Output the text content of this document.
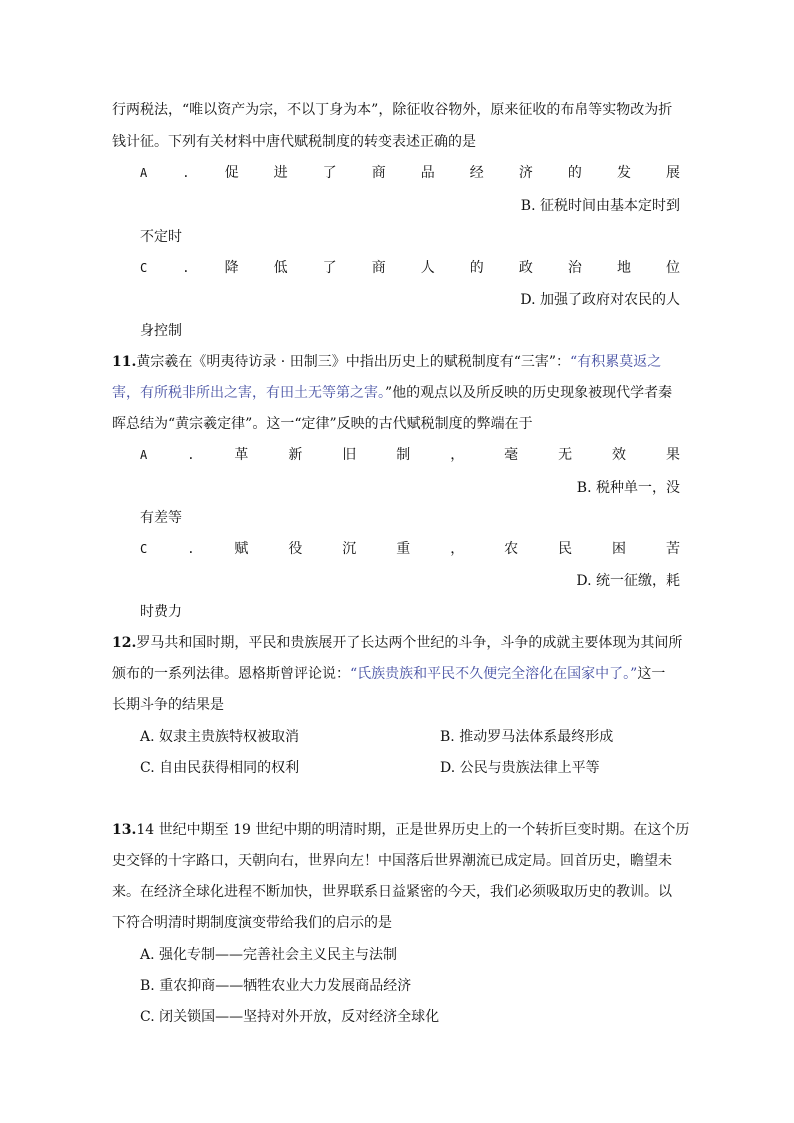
行两税法，“唯以资产为宗，不以丁身为本”，除征收谷物外，原来征收的布帛等实物改为折
钱计征。下列有关材料中唐代赋税制度的转变表述正确的是
A	.	促	进	了	商	品	经	济	的	发	展
B. 征税时间由基本定时到
不定时
C	.	降	低	了	商	人	的	政	治	地	位
D. 加强了政府对农民的人
身控制
11.黄宗羲在《明夷待访录 · 田制三》中指出历史上的赋税制度有“三害”：“有积累莫返之
害，有所税非所出之害，有田土无等第之害。”他的观点以及所反映的历史现象被现代学者秦
晖总结为“黄宗羲定律”。这一“定律”反映的古代赋税制度的弊端在于
A	.	革	新	旧	制	，	毫	无	效	果
B. 税种单一，没
有差等
C	.	赋	役	沉	重	，	农	民	困	苦
D. 统一征缴，耗
时费力
12.罗马共和国时期，平民和贵族展开了长达两个世纪的斗争，斗争的成就主要体现为其间所
颁布的一系列法律。恩格斯曾评论说：“氏族贵族和平民不久便完全溶化在国家中了。”这一
长期斗争的结果是
A. 奴隶主贵族特权被取消	B. 推动罗马法体系最终形成
C. 自由民获得相同的权利	D. 公民与贵族法律上平等
13.14 世纪中期至 19 世纪中期的明清时期，正是世界历史上的一个转折巨变时期。在这个历
史交铎的十字路口，天朝向右，世界向左！中国落后世界潮流已成定局。回首历史，瞻望未
来。在经济全球化进程不断加快，世界联系日益紧密的今天，我们必须吸取历史的教训。以
下符合明清时期制度演变带给我们的启示的是
A. 强化专制——完善社会主义民主与法制
B. 重农抑商——牺牲农业大力发展商品经济
C. 闭关锁国——坚持对外开放，反对经济全球化
